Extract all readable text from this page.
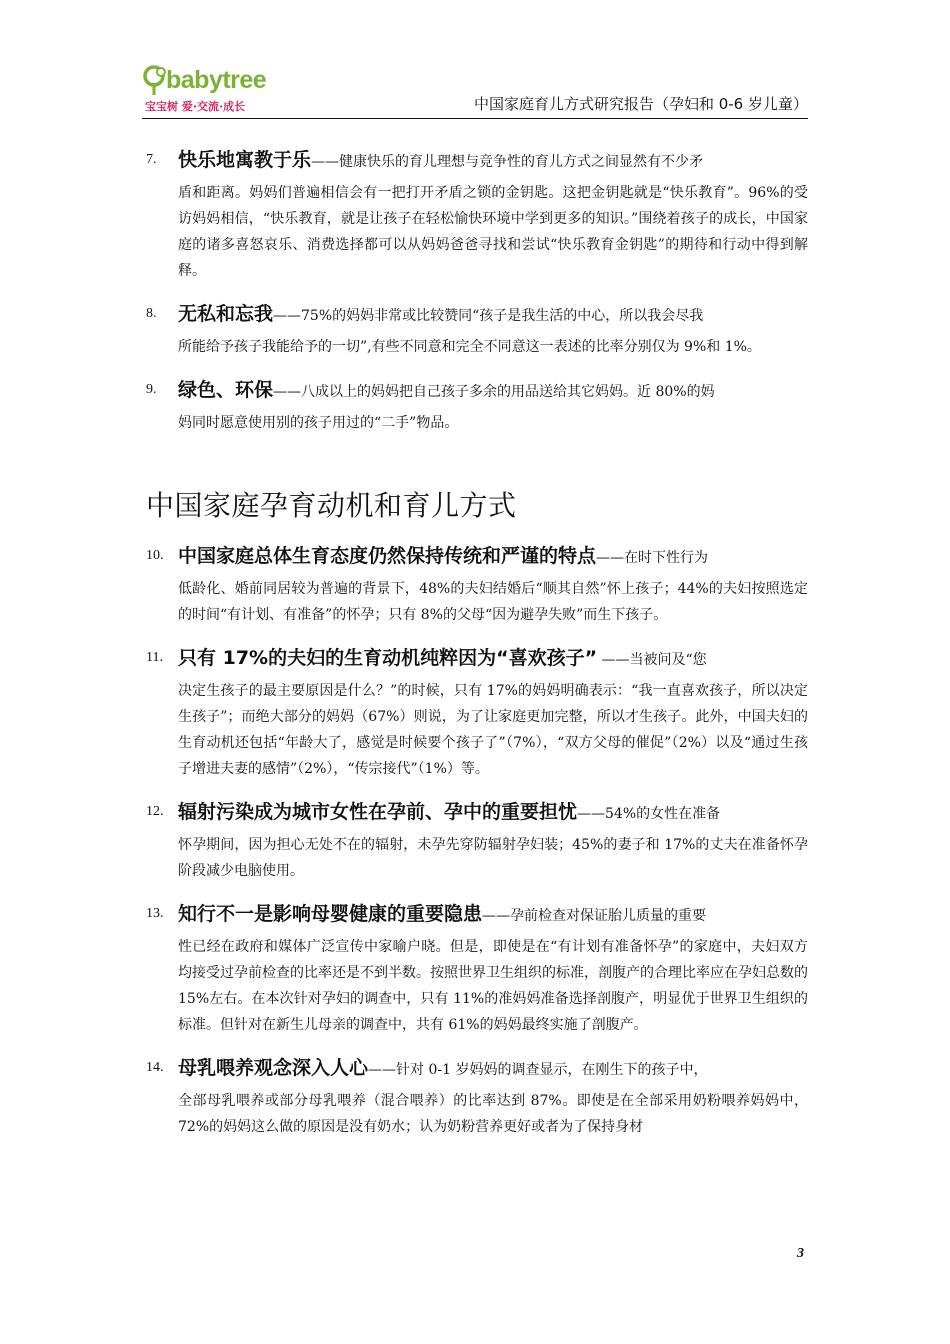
babytree
宝宝树 爱·交流·成长	中国家庭育儿方式研究报告（孕妇和 0-6 岁儿童）
7. 快乐地寓教于乐——健康快乐的育儿理想与竞争性的育儿方式之间显然有不少矛
盾和距离。妈妈们普遍相信会有一把打开矛盾之锁的金钥匙。这把金钥匙就是“快乐教育”。96%的受访妈妈相信，“快乐教育，就是让孩子在轻松愉快环境中学到更多的知识。”围绕着孩子的成长，中国家庭的诸多喜怒哀乐、消费选择都可以从妈妈爸爸寻找和尝试“快乐教育金钥匙”的期待和行动中得到解释。
8. 无私和忘我——75%的妈妈非常或比较赞同“孩子是我生活的中心，所以我会尽我
所能给予孩子我能给予的一切”,有些不同意和完全不同意这一表述的比率分别仅为 9%和 1%。
9. 绿色、环保——八成以上的妈妈把自己孩子多余的用品送给其它妈妈。近 80%的妈
妈同时愿意使用别的孩子用过的“二手”物品。
中国家庭孕育动机和育儿方式
10. 中国家庭总体生育态度仍然保持传统和严谨的特点——在时下性行为
低龄化、婚前同居较为普遍的背景下，48%的夫妇结婚后“顺其自然”怀上孩子；44%的夫妇按照选定的时间“有计划、有准备”的怀孕；只有 8%的父母“因为避孕失败”而生下孩子。
11. 只有 17%的夫妇的生育动机纯粹因为“喜欢孩子” ——当被问及“您
决定生孩子的最主要原因是什么？”的时候，只有 17%的妈妈明确表示：“我一直喜欢孩子，所以决定生孩子”；而绝大部分的妈妈（67%）则说，为了让家庭更加完整，所以才生孩子。此外，中国夫妇的生育动机还包括“年龄大了，感觉是时候要个孩子了”（7%），“双方父母的催促”（2%）以及“通过生孩子增进夫妻的感情”（2%），“传宗接代”（1%）等。
12. 辐射污染成为城市女性在孕前、孕中的重要担忧——54%的女性在准备
怀孕期间，因为担心无处不在的辐射，未孕先穿防辐射孕妇装；45%的妻子和 17%的丈夫在准备怀孕阶段减少电脑使用。
13. 知行不一是影响母婴健康的重要隐患——孕前检查对保证胎儿质量的重要
性已经在政府和媒体广泛宣传中家喻户晓。但是，即使是在“有计划有准备怀孕”的家庭中，夫妇双方均接受过孕前检查的比率还是不到半数。按照世界卫生组织的标准，剖腹产的合理比率应在孕妇总数的 15%左右。在本次针对孕妇的调查中，只有 11%的准妈妈准备选择剖腹产，明显优于世界卫生组织的标准。但针对在新生儿母亲的调查中，共有 61%的妈妈最终实施了剖腹产。
14. 母乳喂养观念深入人心——针对 0-1 岁妈妈的调查显示，在刚生下的孩子中，
全部母乳喂养或部分母乳喂养（混合喂养）的比率达到 87%。即使是在全部采用奶粉喂养妈妈中，72%的妈妈这么做的原因是没有奶水；认为奶粉营养更好或者为了保持身材
3
